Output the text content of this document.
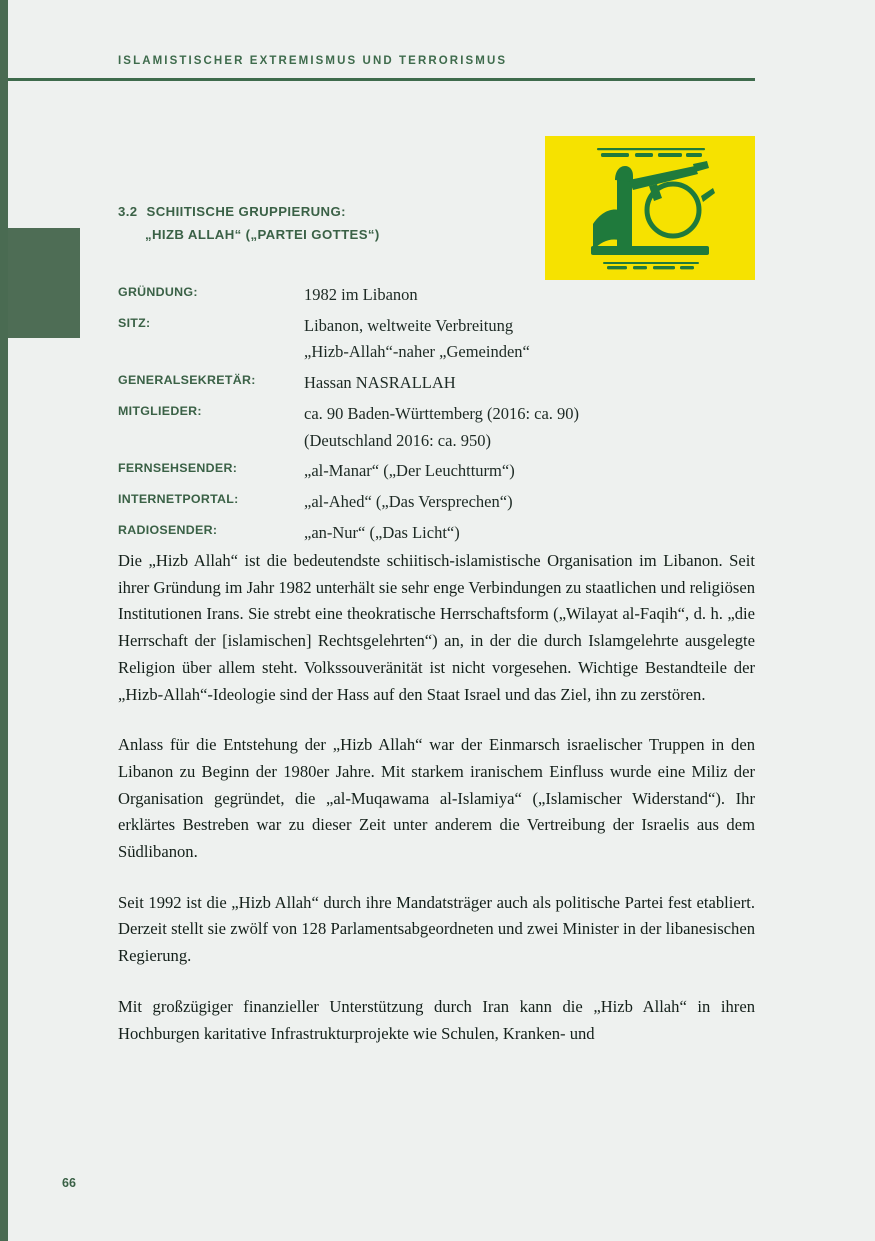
ISLAMISTISCHER EXTREMISMUS UND TERRORISMUS
3.2 SCHIITISCHE GRUPPIERUNG:
„HIZB ALLAH“ („PARTEI GOTTES“)
GRÜNDUNG:	1982 im Libanon
SITZ:	Libanon, weltweite Verbreitung
„Hizb-Allah“-naher „Gemeinden“

GENERALSEKRETÄR:	Hassan NASRALLAH
MITGLIEDER:	ca. 90 Baden-Württemberg (2016: ca. 90)
(Deutschland 2016: ca. 950)

FERNSEHSENDER:	„al-Manar“ („Der Leuchtturm“)
INTERNETPORTAL:	„al-Ahed“ („Das Versprechen“)
RADIOSENDER:	„an-Nur“ („Das Licht“)

Die „Hizb Allah“ ist die bedeutendste schiitisch-islamistische Organisation im Libanon. Seit ihrer Gründung im Jahr 1982 unterhält sie sehr enge Verbindungen zu staatlichen und religiösen Institutionen Irans. Sie strebt eine theokratische Herrschaftsform („Wilayat al-Faqih“, d. h. „die Herrschaft der [islamischen] Rechtsgelehrten“) an, in der die durch Islamgelehrte ausgelegte Religion über allem steht. Volkssouveränität ist nicht vorgesehen. Wichtige Bestandteile der „Hizb-Allah“-Ideologie sind der Hass auf den Staat Israel und das Ziel, ihn zu zerstören.

Anlass für die Entstehung der „Hizb Allah“ war der Einmarsch israelischer Truppen in den Libanon zu Beginn der 1980er Jahre. Mit starkem iranischem Einfluss wurde eine Miliz der Organisation gegründet, die „al-Muqawama al-Islamiya“ („Islamischer Widerstand“). Ihr erklärtes Bestreben war zu dieser Zeit unter anderem die Vertreibung der Israelis aus dem Südlibanon.

Seit 1992 ist die „Hizb Allah“ durch ihre Mandatsträger auch als politische Partei fest etabliert. Derzeit stellt sie zwölf von 128 Parlamentsabgeordneten und zwei Minister in der libanesischen Regierung.

Mit großzügiger finanzieller Unterstützung durch Iran kann die „Hizb Allah“ in ihren Hochburgen karitative Infrastrukturprojekte wie Schulen, Kranken- und

66
